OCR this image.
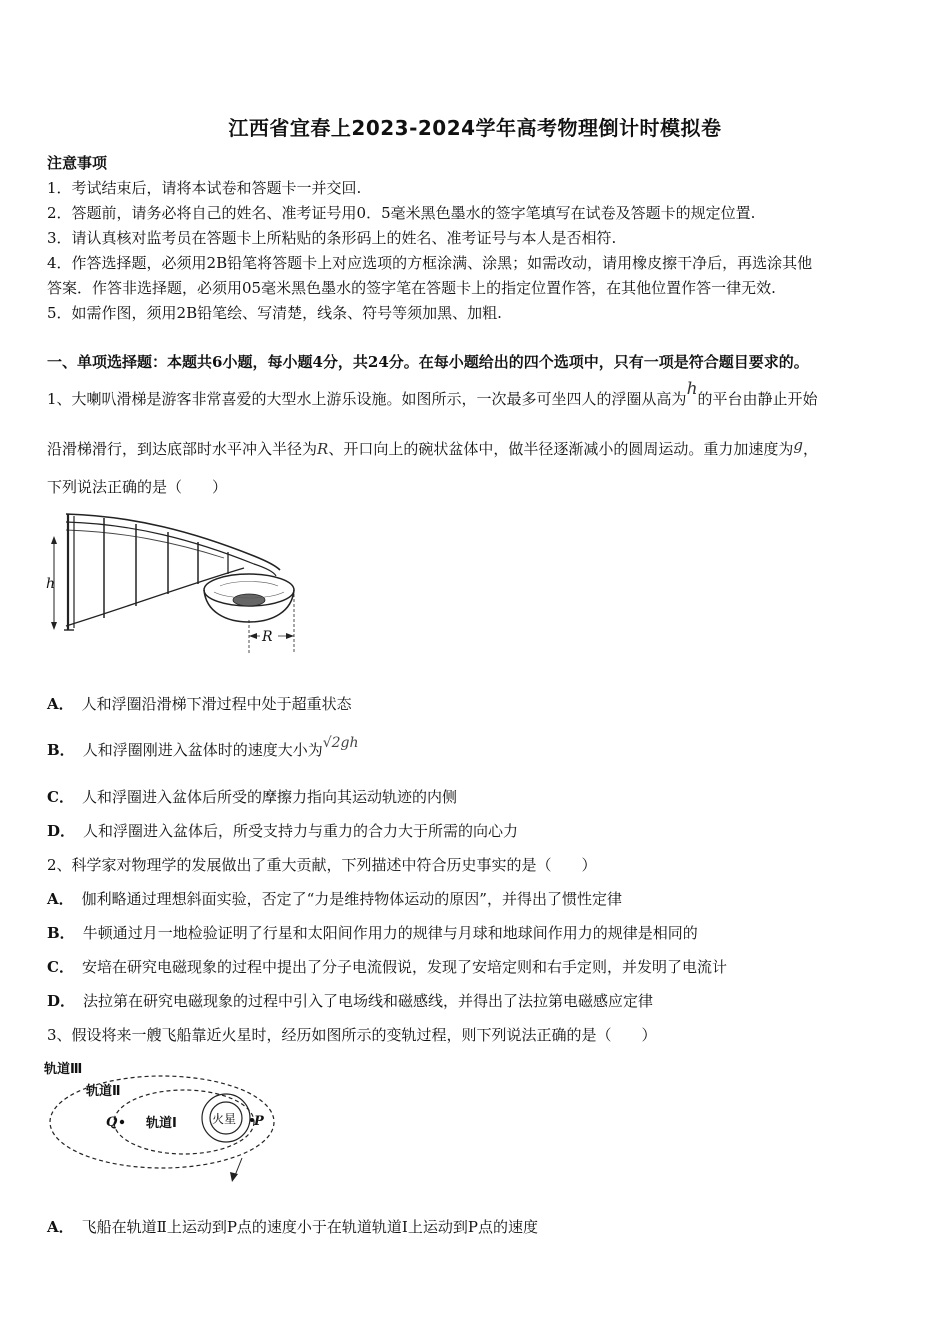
江西省宜春上2023-2024学年高考物理倒计时模拟卷
注意事项
1．考试结束后，请将本试卷和答题卡一并交回.
2．答题前，请务必将自己的姓名、准考证号用0．5毫米黑色墨水的签字笔填写在试卷及答题卡的规定位置.
3．请认真核对监考员在答题卡上所粘贴的条形码上的姓名、准考证号与本人是否相符.
4．作答选择题，必须用2B铅笔将答题卡上对应选项的方框涂满、涂黑；如需改动，请用橡皮擦干净后，再选涂其他
答案．作答非选择题，必须用05毫米黑色墨水的签字笔在答题卡上的指定位置作答，在其他位置作答一律无效.
5．如需作图，须用2B铅笔绘、写清楚，线条、符号等须加黑、加粗.
一、单项选择题：本题共6小题，每小题4分，共24分。在每小题给出的四个选项中，只有一项是符合题目要求的。
1、大喇叭滑梯是游客非常喜爱的大型水上游乐设施。如图所示，一次最多可坐四人的浮圈从高为h的平台由静止开始
沿滑梯滑行，到达底部时水平冲入半径为R、开口向上的碗状盆体中，做半径逐渐减小的圆周运动。重力加速度为g，
下列说法正确的是（　　）
h
R
A． 人和浮圈沿滑梯下滑过程中处于超重状态
B． 人和浮圈刚进入盆体时的速度大小为√2gh
C． 人和浮圈进入盆体后所受的摩擦力指向其运动轨迹的内侧
D． 人和浮圈进入盆体后，所受支持力与重力的合力大于所需的向心力
2、科学家对物理学的发展做出了重大贡献，下列描述中符合历史事实的是（　　）
A． 伽利略通过理想斜面实验，否定了“力是维持物体运动的原因”，并得出了惯性定律
B． 牛顿通过月一地检验证明了行星和太阳间作用力的规律与月球和地球间作用力的规律是相同的
C． 安培在研究电磁现象的过程中提出了分子电流假说，发现了安培定则和右手定则，并发明了电流计
D． 法拉第在研究电磁现象的过程中引入了电场线和磁感线，并得出了法拉第电磁感应定律
3、假设将来一艘飞船靠近火星时，经历如图所示的变轨过程，则下列说法正确的是（　　）
火星
轨道Ⅲ
轨道Ⅱ
轨道Ⅰ
Q	P
A． 飞船在轨道Ⅱ上运动到P点的速度小于在轨道轨道Ⅰ上运动到P点的速度
